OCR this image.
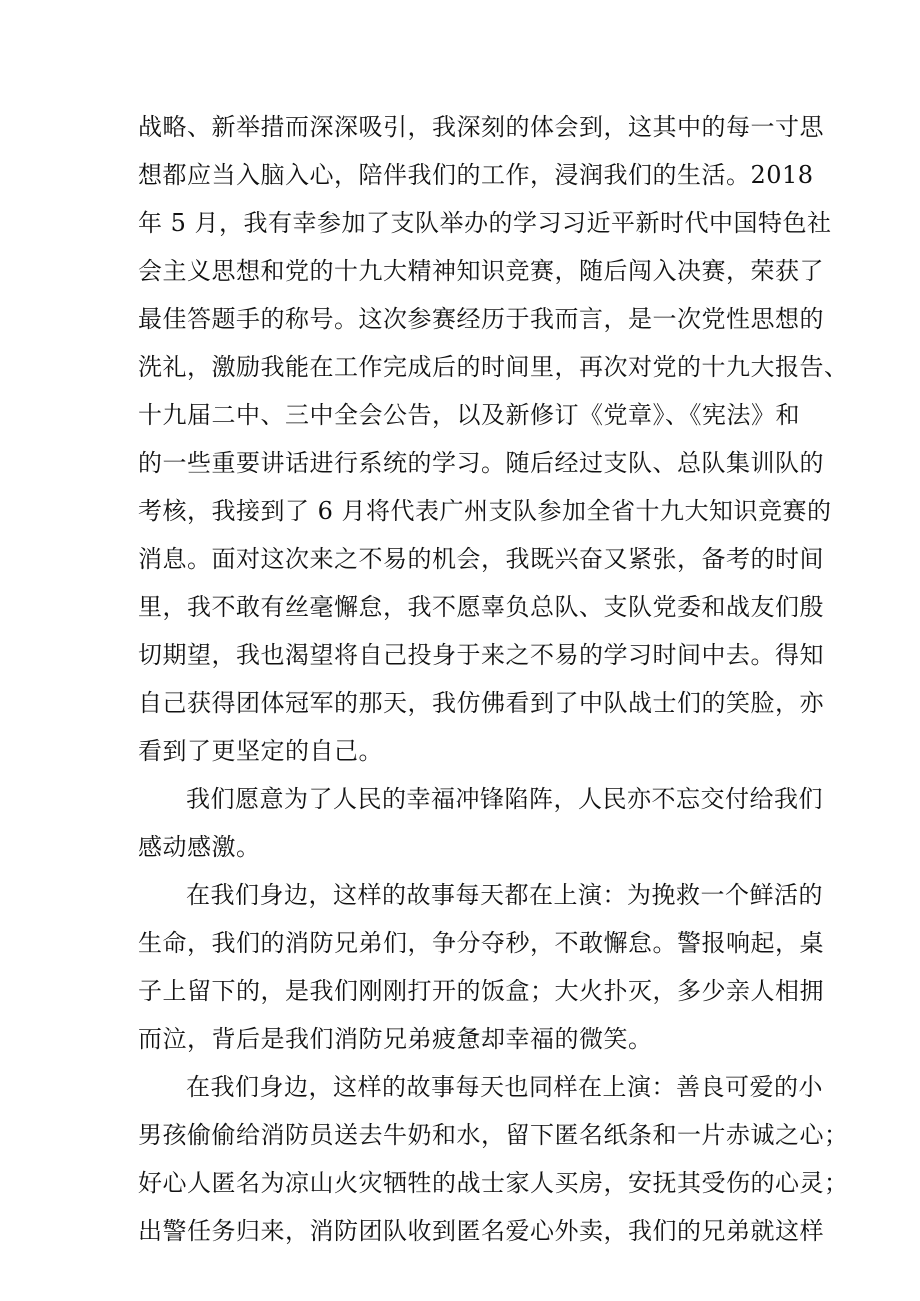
战略、新举措而深深吸引，我深刻的体会到，这其中的每一寸思
想都应当入脑入心，陪伴我们的工作，浸润我们的生活。2018
年 5 月，我有幸参加了支队举办的学习习近平新时代中国特色社
会主义思想和党的十九大精神知识竞赛，随后闯入决赛，荣获了
最佳答题手的称号。这次参赛经历于我而言，是一次党性思想的
洗礼，激励我能在工作完成后的时间里，再次对党的十九大报告、
十九届二中、三中全会公告，以及新修订《党章》、《宪法》和
的一些重要讲话进行系统的学习。随后经过支队、总队集训队的
考核，我接到了 6 月将代表广州支队参加全省十九大知识竞赛的
消息。面对这次来之不易的机会，我既兴奋又紧张，备考的时间
里，我不敢有丝毫懈怠，我不愿辜负总队、支队党委和战友们殷
切期望，我也渴望将自己投身于来之不易的学习时间中去。得知
自己获得团体冠军的那天，我仿佛看到了中队战士们的笑脸，亦
看到了更坚定的自己。
我们愿意为了人民的幸福冲锋陷阵，人民亦不忘交付给我们
感动感激。
在我们身边，这样的故事每天都在上演：为挽救一个鲜活的
生命，我们的消防兄弟们，争分夺秒，不敢懈怠。警报响起，桌
子上留下的，是我们刚刚打开的饭盒；大火扑灭，多少亲人相拥
而泣，背后是我们消防兄弟疲惫却幸福的微笑。
在我们身边，这样的故事每天也同样在上演：善良可爱的小
男孩偷偷给消防员送去牛奶和水，留下匿名纸条和一片赤诚之心；
好心人匿名为凉山火灾牺牲的战士家人买房，安抚其受伤的心灵；
出警任务归来，消防团队收到匿名爱心外卖，我们的兄弟就这样
